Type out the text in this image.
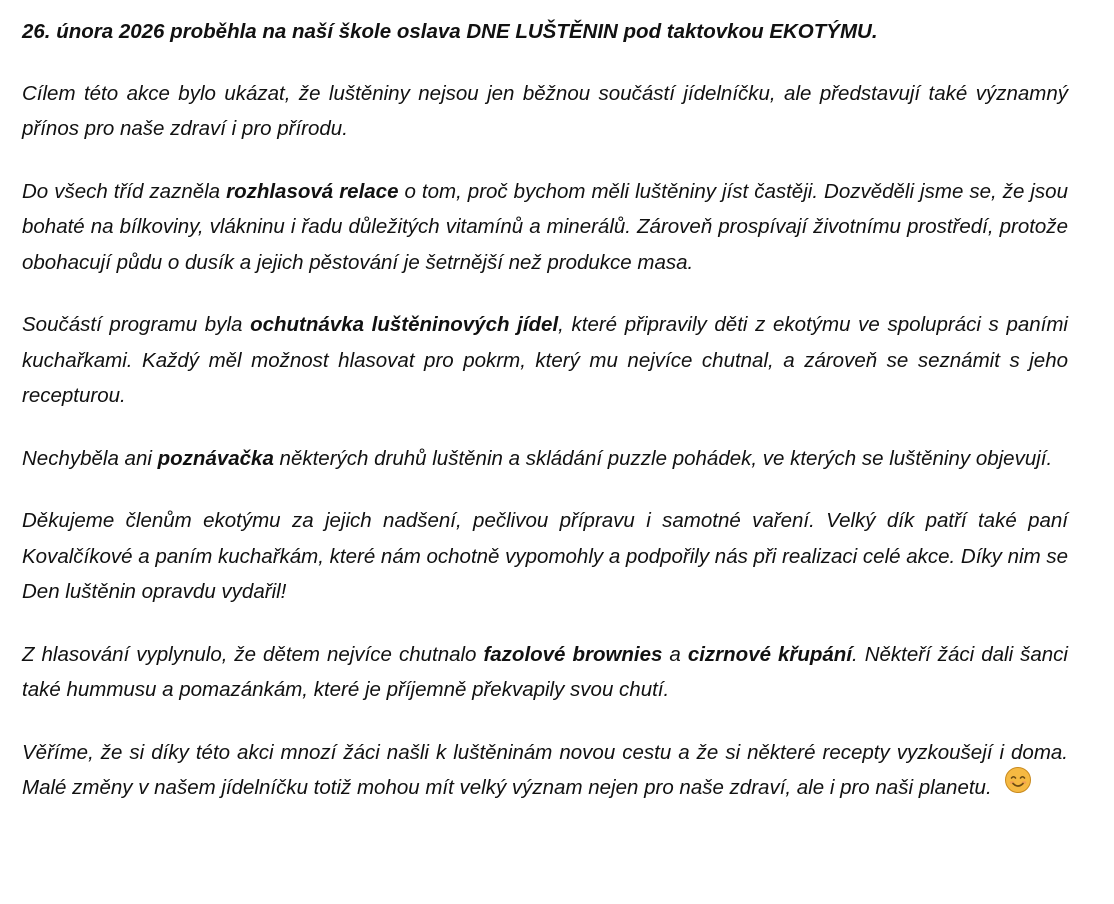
26. února 2026 proběhla na naší škole oslava DNE LUŠTĚNIN pod taktovkou EKOTÝMU.

Cílem této akce bylo ukázat, že luštěniny nejsou jen běžnou součástí jídelníčku, ale představují také významný přínos pro naše zdraví i pro přírodu.

Do všech tříd zazněla rozhlasová relace o tom, proč bychom měli luštěniny jíst častěji. Dozvěděli jsme se, že jsou bohaté na bílkoviny, vlákninu i řadu důležitých vitamínů a minerálů. Zároveň prospívají životnímu prostředí, protože obohacují půdu o dusík a jejich pěstování je šetrnější než produkce masa.

Součástí programu byla ochutnávka luštěninových jídel, které připravily děti z ekotýmu ve spolupráci s paními kuchařkami. Každý měl možnost hlasovat pro pokrm, který mu nejvíce chutnal, a zároveň se seznámit s jeho recepturou.

Nechyběla ani poznávačka některých druhů luštěnin a skládání puzzle pohádek, ve kterých se luštěniny objevují.

Děkujeme členům ekotýmu za jejich nadšení, pečlivou přípravu i samotné vaření. Velký dík patří také paní Kovalčíkové a paním kuchařkám, které nám ochotně vypomohly a podpořily nás při realizaci celé akce. Díky nim se Den luštěnin opravdu vydařil!

Z hlasování vyplynulo, že dětem nejvíce chutnalo fazolové brownies a cizrnové křupání. Někteří žáci dali šanci také hummusu a pomazánkám, které je příjemně překvapily svou chutí.

Věříme, že si díky této akci mnozí žáci našli k luštěninám novou cestu a že si některé recepty vyzkoušejí i doma. Malé změny v našem jídelníčku totiž mohou mít velký význam nejen pro naše zdraví, ale i pro naši planetu.
